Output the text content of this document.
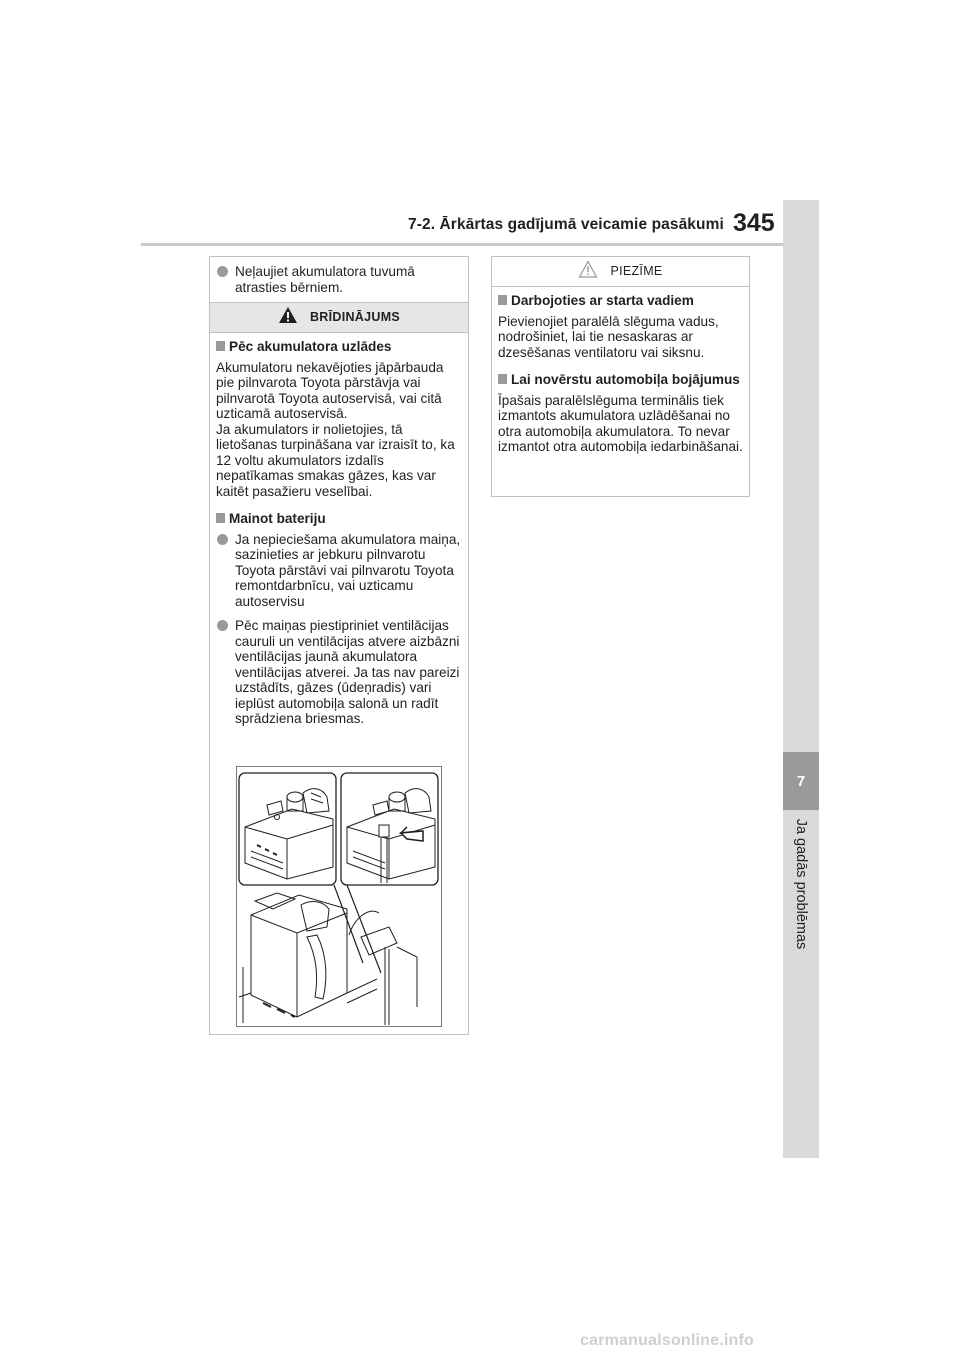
7-2. Ārkārtas gadījumā veicamie pasākumi 345
7
Ja gadās problēmas
Neļaujiet akumulatora tuvumā atrasties bērniem.
BRĪDINĀJUMS
Pēc akumulatora uzlādes
Akumulatoru nekavējoties jāpārbauda pie pilnvarota Toyota pārstāvja vai pilnvarotā Toyota autoservisā, vai citā uzticamā autoservisā.
Ja akumulators ir nolietojies, tā lietošanas turpināšana var izraisīt to, ka 12 voltu akumulators izdalīs nepatīkamas smakas gāzes, kas var kaitēt pasažieru veselībai.
Mainot bateriju
Ja nepieciešama akumulatora maiņa, sazinieties ar jebkuru pilnvarotu Toyota pārstāvi vai pilnvarotu Toyota remontdarbnīcu, vai uzticamu autoservisu
Pēc maiņas piestipriniet ventilācijas cauruli un ventilācijas atvere aizbāzni ventilācijas jaunā akumulatora ventilācijas atverei. Ja tas nav pareizi uzstādīts, gāzes (ūdeņradis) vari ieplūst automobiļa salonā un radīt sprādziena briesmas.
PIEZĪME
Darbojoties ar starta vadiem
Pievienojiet paralēlā slēguma vadus, nodrošiniet, lai tie nesaskaras ar dzesēšanas ventilatoru vai siksnu.
Lai novērstu automobiļa bojājumus
Īpašais paralēlslēguma terminālis tiek izmantots akumulatora uzlādēšanai no otra automobiļa akumulatora. To nevar izmantot otra automobiļa iedarbināšanai.
carmanualsonline.info
